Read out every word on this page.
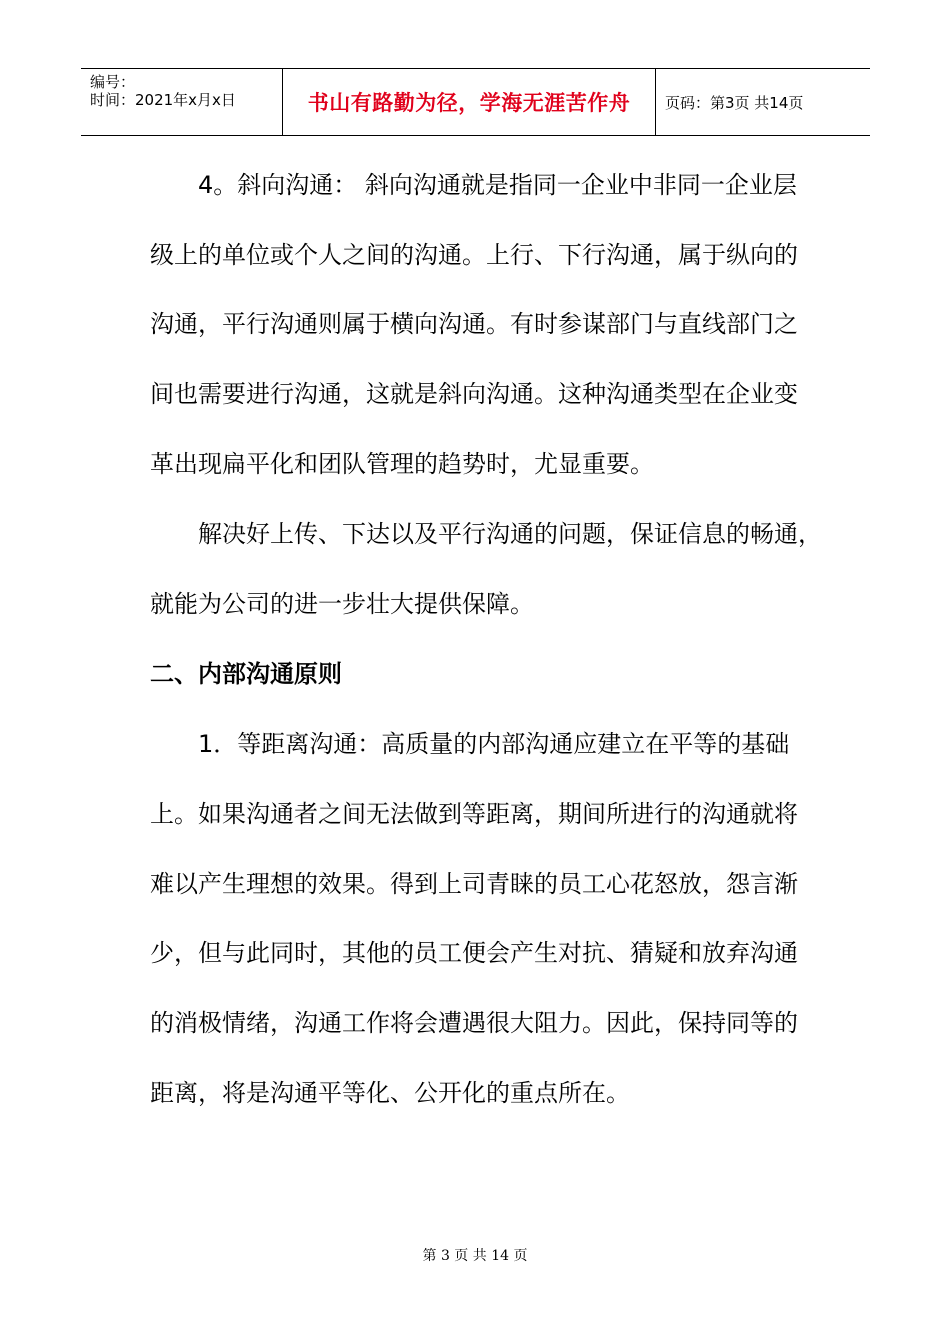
编号：
时间：2021年x月x日	书山有路勤为径，学海无涯苦作舟 页码：第3页 共14页

4。斜向沟通： 斜向沟通就是指同一企业中非同一企业层

级上的单位或个人之间的沟通。上行、下行沟通，属于纵向的

沟通，平行沟通则属于横向沟通。有时参谋部门与直线部门之

间也需要进行沟通，这就是斜向沟通。这种沟通类型在企业变

革出现扁平化和团队管理的趋势时，尤显重要。

解决好上传、下达以及平行沟通的问题，保证信息的畅通，

就能为公司的进一步壮大提供保障。

二、内部沟通原则

1．等距离沟通：高质量的内部沟通应建立在平等的基础

上。如果沟通者之间无法做到等距离，期间所进行的沟通就将

难以产生理想的效果。得到上司青睐的员工心花怒放，怨言渐

少，但与此同时，其他的员工便会产生对抗、猜疑和放弃沟通

的消极情绪，沟通工作将会遭遇很大阻力。因此，保持同等的

距离，将是沟通平等化、公开化的重点所在。

第 3 页 共 14 页
